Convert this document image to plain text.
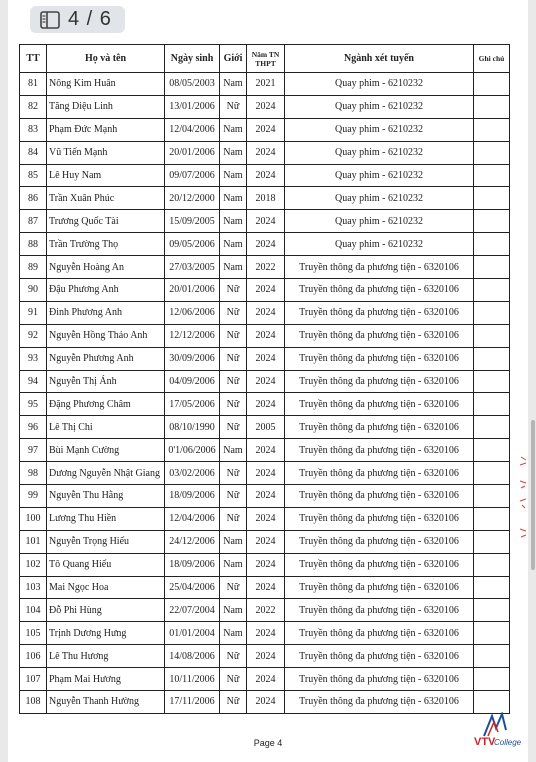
4 / 6
TT	Họ và tên	Ngày sinh	Giới	Năm TN THPT	Ngành xét tuyển	Ghi chú
81	Nông Kim Huân	08/05/2003	Nam	2021	Quay phim - 6210232	
82	Tăng Diệu Linh	13/01/2006	Nữ	2024	Quay phim - 6210232	
83	Phạm Đức Mạnh	12/04/2006	Nam	2024	Quay phim - 6210232	
84	Vũ Tiến Mạnh	20/01/2006	Nam	2024	Quay phim - 6210232	
85	Lê Huy Nam	09/07/2006	Nam	2024	Quay phim - 6210232	
86	Trần Xuân Phúc	20/12/2000	Nam	2018	Quay phim - 6210232	
87	Trương Quốc Tài	15/09/2005	Nam	2024	Quay phim - 6210232	
88	Trần Trường Thọ	09/05/2006	Nam	2024	Quay phim - 6210232	
89	Nguyễn Hoàng An	27/03/2005	Nam	2022	Truyền thông đa phương tiện - 6320106	
90	Đậu Phương Anh	20/01/2006	Nữ	2024	Truyền thông đa phương tiện - 6320106	
91	Đinh Phương Anh	12/06/2006	Nữ	2024	Truyền thông đa phương tiện - 6320106	
92	Nguyễn Hồng Thảo Anh	12/12/2006	Nữ	2024	Truyền thông đa phương tiện - 6320106	
93	Nguyễn Phương Anh	30/09/2006	Nữ	2024	Truyền thông đa phương tiện - 6320106	
94	Nguyễn Thị Ánh	04/09/2006	Nữ	2024	Truyền thông đa phương tiện - 6320106	
95	Đặng Phương Châm	17/05/2006	Nữ	2024	Truyền thông đa phương tiện - 6320106	
96	Lê Thị Chi	08/10/1990	Nữ	2005	Truyền thông đa phương tiện - 6320106	
97	Bùi Mạnh Cường	0'1/06/2006	Nam	2024	Truyền thông đa phương tiện - 6320106	
98	Dương Nguyễn Nhật Giang	03/02/2006	Nữ	2024	Truyền thông đa phương tiện - 6320106	
99	Nguyễn Thu Hằng	18/09/2006	Nữ	2024	Truyền thông đa phương tiện - 6320106	
100	Lương Thu Hiền	12/04/2006	Nữ	2024	Truyền thông đa phương tiện - 6320106	
101	Nguyễn Trọng Hiếu	24/12/2006	Nam	2024	Truyền thông đa phương tiện - 6320106	
102	Tô Quang Hiếu	18/09/2006	Nam	2024	Truyền thông đa phương tiện - 6320106	
103	Mai Ngọc Hoa	25/04/2006	Nữ	2024	Truyền thông đa phương tiện - 6320106	
104	Đỗ Phi Hùng	22/07/2004	Nam	2022	Truyền thông đa phương tiện - 6320106	
105	Trịnh Dương Hưng	01/01/2004	Nam	2024	Truyền thông đa phương tiện - 6320106	
106	Lê Thu Hương	14/08/2006	Nữ	2024	Truyền thông đa phương tiện - 6320106	
107	Phạm Mai Hương	10/11/2006	Nữ	2024	Truyền thông đa phương tiện - 6320106	
108	Nguyễn Thanh Hường	17/11/2006	Nữ	2024	Truyền thông đa phương tiện - 6320106	
Page 4	VTV
College
